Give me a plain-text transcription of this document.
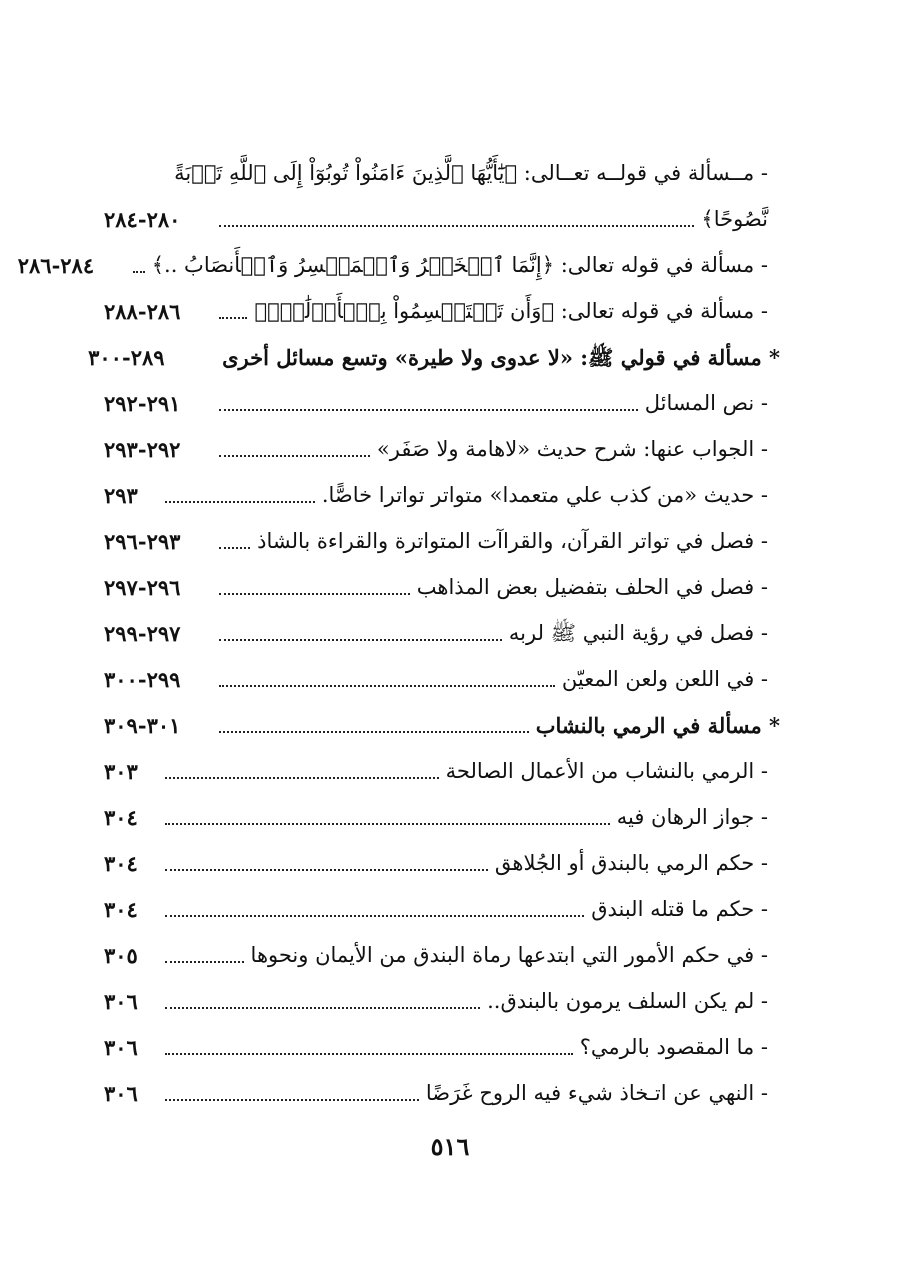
- مــسألة في قولــه تعــالى: ﴿يَٰٓأَيُّهَا ٱلَّذِينَ ءَامَنُواْ تُوبُوٓاْ إِلَى ٱللَّهِ تَوۡبَةً
نَّصُوحًا﴾
٢٨٠-٢٨٤
- مسألة في قوله تعالى: ﴿إِنَّمَا ٱلۡخَمۡرُ وَٱلۡمَيۡسِرُ وَٱلۡأَنصَابُ ..﴾
٢٨٤-٢٨٦
- مسألة في قوله تعالى: ﴿وَأَن تَسۡتَقۡسِمُواْ بِٱلۡأَزۡلَٰمِۚ﴾
٢٨٦-٢٨٨
* مسألة في قولي ﷺ: «لا عدوى ولا طيرة» وتسع مسائل أخرى
٢٨٩-٣٠٠
- نص المسائل
٢٩١-٢٩٢
- الجواب عنها: شرح حديث «لاهامة ولا صَفَر»
٢٩٢-٢٩٣
- حديث «من كذب علي متعمدا» متواتر تواترا خاصًّا.
٢٩٣
- فصل في تواتر القرآن، والقراآت المتواترة والقراءة بالشاذ
٢٩٣-٢٩٦
- فصل في الحلف بتفضيل بعض المذاهب
٢٩٦-٢٩٧
- فصل في رؤية النبي ﷺ لربه
٢٩٧-٢٩٩
- في اللعن ولعن المعيّن
٢٩٩-٣٠٠
* مسألة في الرمي بالنشاب
٣٠١-٣٠٩
- الرمي بالنشاب من الأعمال الصالحة
٣٠٣
- جواز الرهان فيه
٣٠٤
- حكم الرمي بالبندق أو الجُلاهق
٣٠٤
- حكم ما قتله البندق
٣٠٤
- في حكم الأمور التي ابتدعها رماة البندق من الأيمان ونحوها
٣٠٥
- لم يكن السلف يرمون بالبندق..
٣٠٦
- ما المقصود بالرمي؟
٣٠٦
- النهي عن اتـخاذ شيء فيه الروح غَرَضًا
٣٠٦
٥١٦
